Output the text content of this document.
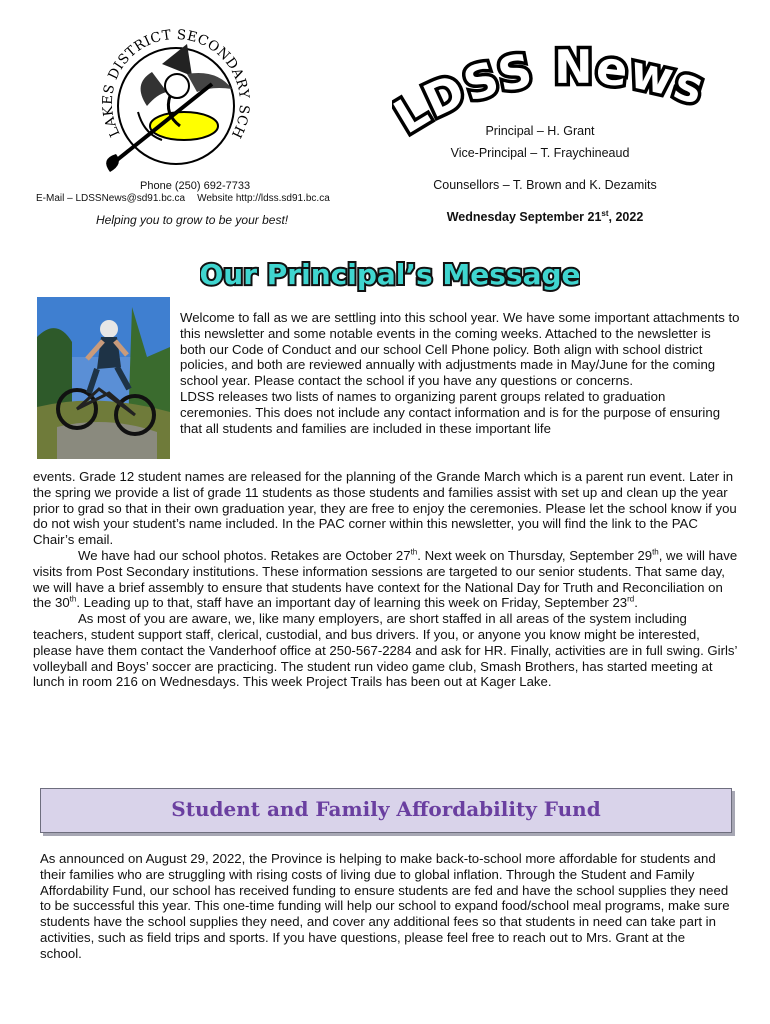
LAKES DISTRICT SECONDARY SCH
DSS News
Principal – H. Grant
Vice-Principal – T. Fraychineaud
Counsellors – T. Brown and K. Dezamits
Wednesday September 21st, 2022
Phone (250) 692-7733
E-Mail – LDSSNews@sd91.bc.ca Website http://ldss.sd91.bc.ca
Helping you to grow to be your best!
Our Principal’s Message

Welcome to fall as we are settling into this school year. We have some important attachments to this newsletter and some notable events in the coming weeks. Attached to the newsletter is both our Code of Conduct and our school Cell Phone policy. Both align with school district policies, and both are reviewed annually with adjustments made in May/June for the coming school year. Please contact the school if you have any questions or concerns.

LDSS releases two lists of names to organizing parent groups related to graduation ceremonies. This does not include any contact information and is for the purpose of ensuring that all students and families are included in these important life

events. Grade 12 student names are released for the planning of the Grande March which is a parent run event. Later in the spring we provide a list of grade 11 students as those students and families assist with set up and clean up the year prior to grad so that in their own graduation year, they are free to enjoy the ceremonies. Please let the school know if you do not wish your student’s name included. In the PAC corner within this newsletter, you will find the link to the PAC Chair’s email.

We have had our school photos. Retakes are October 27th. Next week on Thursday, September 29th, we will have visits from Post Secondary institutions. These information sessions are targeted to our senior students. That same day, we will have a brief assembly to ensure that students have context for the National Day for Truth and Reconciliation on the 30th. Leading up to that, staff have an important day of learning this week on Friday, September 23rd.

As most of you are aware, we, like many employers, are short staffed in all areas of the system including teachers, student support staff, clerical, custodial, and bus drivers. If you, or anyone you know might be interested, please have them contact the Vanderhoof office at 250-567-2284 and ask for HR. Finally, activities are in full swing. Girls’ volleyball and Boys’ soccer are practicing. The student run video game club, Smash Brothers, has started meeting at lunch in room 216 on Wednesdays. This week Project Trails has been out at Kager Lake.

Student and Family Affordability Fund
As announced on August 29, 2022, the Province is helping to make back-to-school more affordable for students and their families who are struggling with rising costs of living due to global inflation. Through the Student and Family Affordability Fund, our school has received funding to ensure students are fed and have the school supplies they need to be successful this year. This one-time funding will help our school to expand food/school meal programs, make sure students have the school supplies they need, and cover any additional fees so that students in need can take part in activities, such as field trips and sports. If you have questions, please feel free to reach out to Mrs. Grant at the school.
